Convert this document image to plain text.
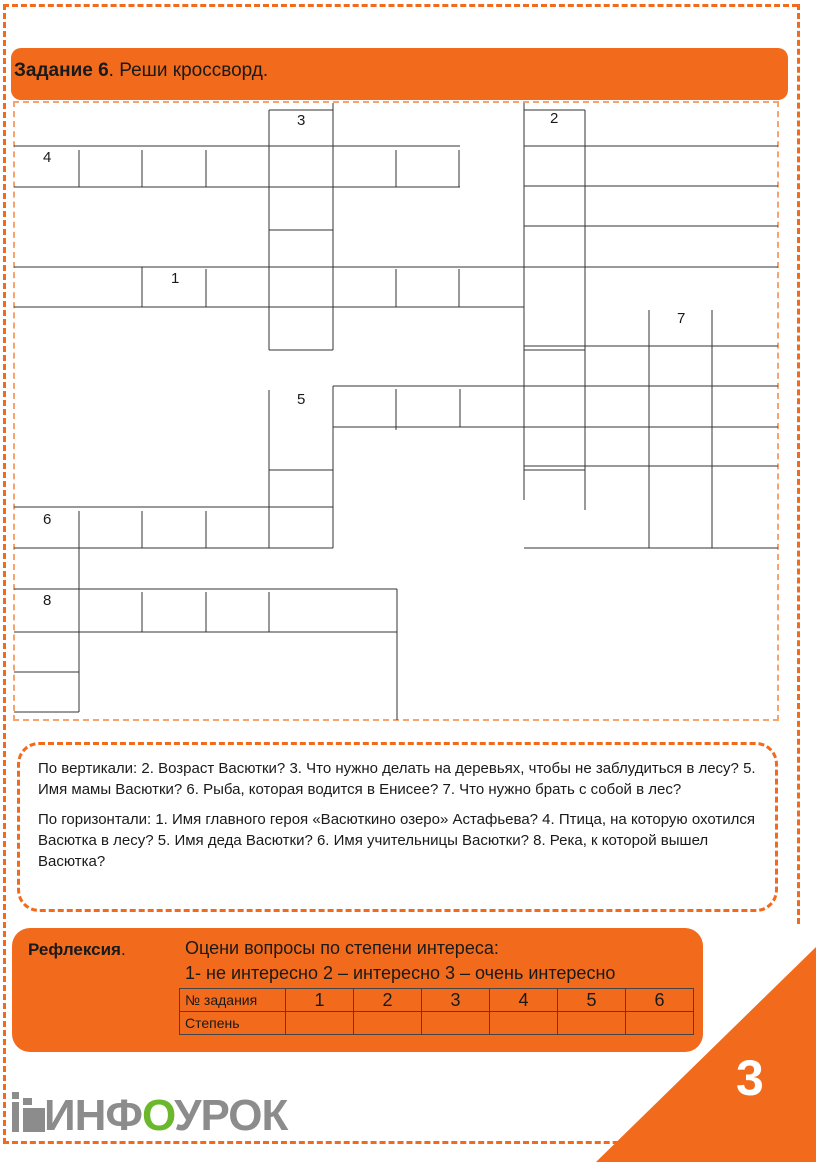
Задание 6. Реши кроссворд.
3	2
4
1
7
5
6
8

По вертикали: 2. Возраст Васютки? 3. Что нужно делать на деревьях, чтобы не заблудиться в лесу? 5. Имя мамы Васютки? 6. Рыба, которая водится в Енисее? 7. Что нужно брать с собой в лес?

По горизонтали: 1. Имя главного героя «Васюткино озеро» Астафьева? 4. Птица, на которую охотился Васютка в лесу? 5. Имя деда Васютки? 6. Имя учительницы Васютки? 8. Река, к которой вышел Васютка?

Рефлексия.	Оцени вопросы по степени интереса:
1- не интересно 2 – интересно 3 – очень интересно
№ задания	1	2	3	4	5	6
Степень						
3
ИНФОУРОК
